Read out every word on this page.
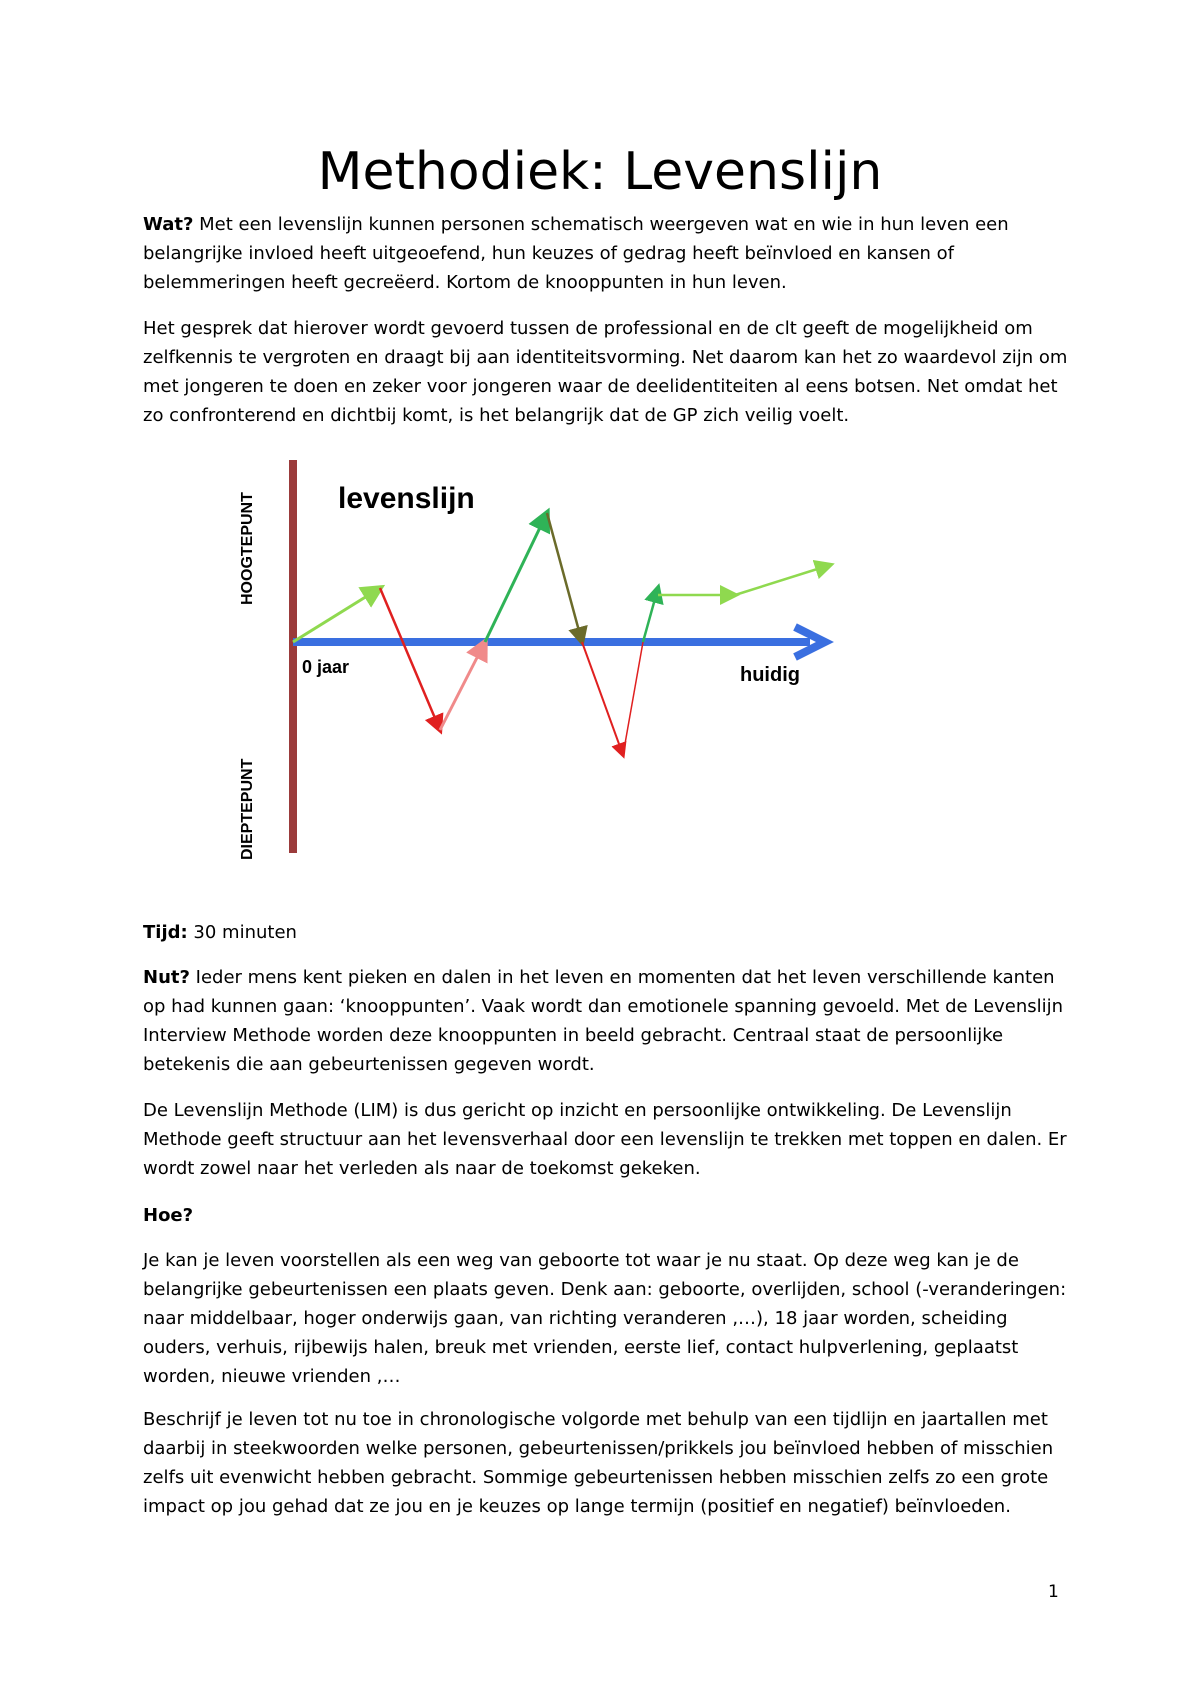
Methodiek: Levenslijn

Wat? Met een levenslijn kunnen personen schematisch weergeven wat en wie in hun leven een belangrijke invloed heeft uitgeoefend, hun keuzes of gedrag heeft beïnvloed en kansen of belemmeringen heeft gecreëerd. Kortom de knooppunten in hun leven.

Het gesprek dat hierover wordt gevoerd tussen de professional en de clt geeft de mogelijkheid om zelfkennis te vergroten en draagt bij aan identiteitsvorming. Net daarom kan het zo waardevol zijn om met jongeren te doen en zeker voor jongeren waar de deelidentiteiten al eens botsen. Net omdat het zo confronterend en dichtbij komt, is het belangrijk dat de GP zich veilig voelt.

HOOGTEPUNT
DIEPTEPUNT
levenslijn
0 jaar	huidig

Tijd: 30 minuten

Nut? Ieder mens kent pieken en dalen in het leven en momenten dat het leven verschillende kanten op had kunnen gaan: ‘knooppunten’. Vaak wordt dan emotionele spanning gevoeld. Met de Levenslijn Interview Methode worden deze knooppunten in beeld gebracht. Centraal staat de persoonlijke betekenis die aan gebeurtenissen gegeven wordt.

De Levenslijn Methode (LIM) is dus gericht op inzicht en persoonlijke ontwikkeling. De Levenslijn Methode geeft structuur aan het levensverhaal door een levenslijn te trekken met toppen en dalen. Er wordt zowel naar het verleden als naar de toekomst gekeken.

Hoe?

Je kan je leven voorstellen als een weg van geboorte tot waar je nu staat. Op deze weg kan je de belangrijke gebeurtenissen een plaats geven. Denk aan: geboorte, overlijden, school (-veranderingen: naar middelbaar, hoger onderwijs gaan, van richting veranderen ,…), 18 jaar worden, scheiding ouders, verhuis, rijbewijs halen, breuk met vrienden, eerste lief, contact hulpverlening, geplaatst worden, nieuwe vrienden ,…

Beschrijf je leven tot nu toe in chronologische volgorde met behulp van een tijdlijn en jaartallen met daarbij in steekwoorden welke personen, gebeurtenissen/prikkels jou beïnvloed hebben of misschien zelfs uit evenwicht hebben gebracht. Sommige gebeurtenissen hebben misschien zelfs zo een grote impact op jou gehad dat ze jou en je keuzes op lange termijn (positief en negatief) beïnvloeden.

1
